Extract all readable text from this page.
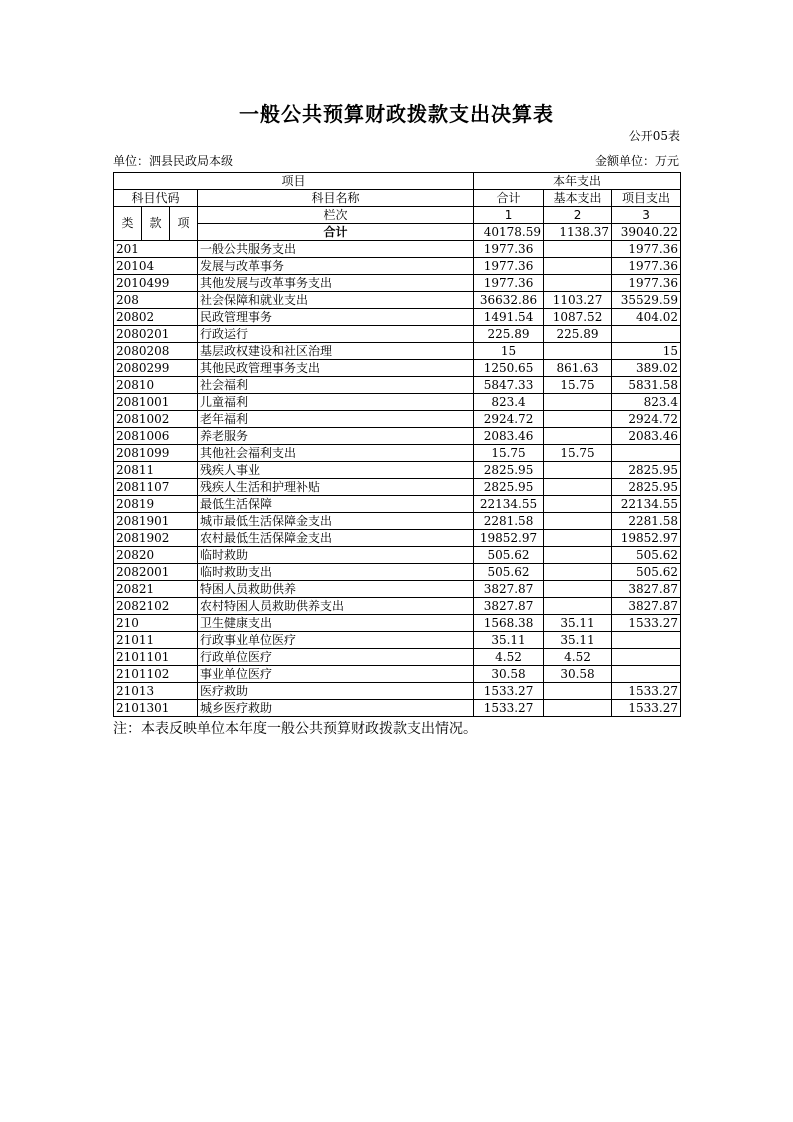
一般公共预算财政拨款支出决算表
公开05表
单位：泗县民政局本级	金额单位：万元
项目				本年支出		
科目代码			科目名称	合计	基本支出	项目支出
类	款	项	栏次	1	2	3
			合计	40178.59	1138.37	39040.22
201			一般公共服务支出	1977.36		1977.36
20104			发展与改革事务	1977.36		1977.36
2010499			其他发展与改革事务支出	1977.36		1977.36
208			社会保障和就业支出	36632.86	1103.27	35529.59
20802			民政管理事务	1491.54	1087.52	404.02
2080201			行政运行	225.89	225.89	
2080208			基层政权建设和社区治理	15		15
2080299			其他民政管理事务支出	1250.65	861.63	389.02
20810			社会福利	5847.33	15.75	5831.58
2081001			儿童福利	823.4		823.4
2081002			老年福利	2924.72		2924.72
2081006			养老服务	2083.46		2083.46
2081099			其他社会福利支出	15.75	15.75	
20811			残疾人事业	2825.95		2825.95
2081107			残疾人生活和护理补贴	2825.95		2825.95
20819			最低生活保障	22134.55		22134.55
2081901			城市最低生活保障金支出	2281.58		2281.58
2081902			农村最低生活保障金支出	19852.97		19852.97
20820			临时救助	505.62		505.62
2082001			临时救助支出	505.62		505.62
20821			特困人员救助供养	3827.87		3827.87
2082102			农村特困人员救助供养支出	3827.87		3827.87
210			卫生健康支出	1568.38	35.11	1533.27
21011			行政事业单位医疗	35.11	35.11	
2101101			行政单位医疗	4.52	4.52	
2101102			事业单位医疗	30.58	30.58	
21013			医疗救助	1533.27		1533.27
2101301			城乡医疗救助	1533.27		1533.27
注：本表反映单位本年度一般公共预算财政拨款支出情况。
